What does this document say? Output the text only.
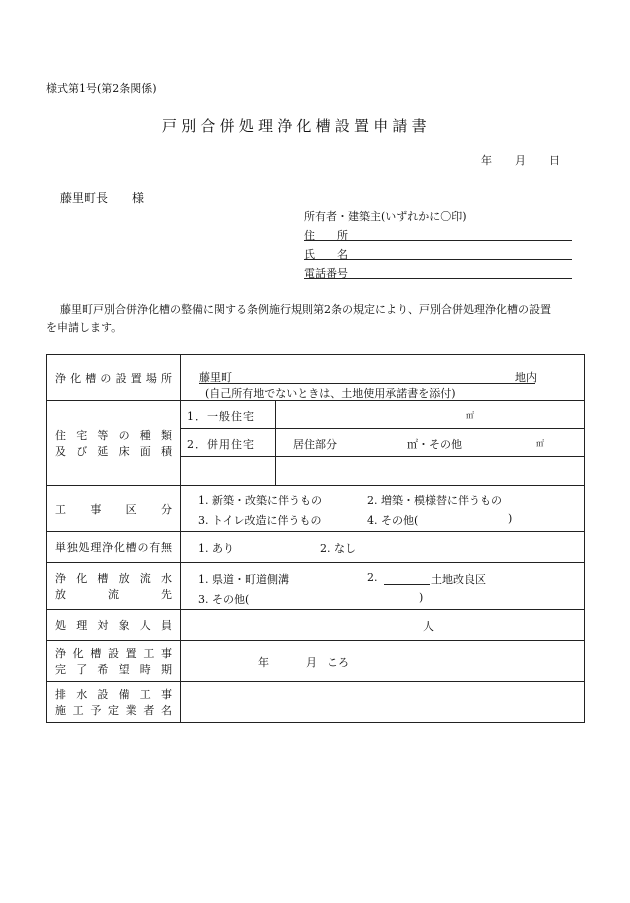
様式第1号(第2条関係)
戸別合併処理浄化槽設置申請書
年 月 日
藤里町長　　様
所有者・建築主(いずれかに〇印)
住　　所
氏　　名
電話番号
藤里町戸別合併浄化槽の整備に関する条例施行規則第2条の規定により、戸別合併処理浄化槽の設置
を申請します。
浄化槽の設置場所	藤里町 地内
(自己所有地でないときは、土地使用承諾書を添付)	

住宅等の種類
及び延床面積	1．一般住宅	㎡

	2．併用住宅	居住部分 ㎡・その他 ㎡

工事区分	1. 新築・改築に伴うもの 2. 増築・模様替に伴うもの
3. トイレ改造に伴うもの 4. その他( )	

単独処理浄化槽の有無	1. あり 2. なし	

浄化槽放流水
放流先	1. 県道・町道側溝 2. 土地改良区
3. その他( )	

処理対象人員	人	

浄化槽設置工事
完了希望時期	年 月 ころ	

排水設備工事
施工予定業者名		
